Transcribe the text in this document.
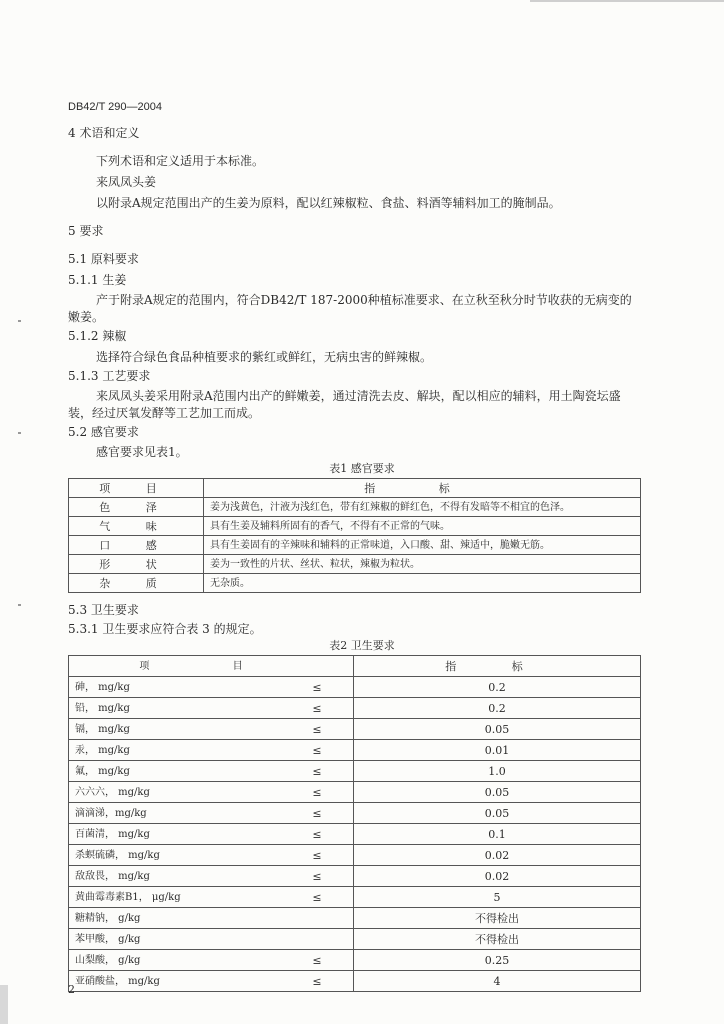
DB42/T 290—2004
4 术语和定义
下列术语和定义适用于本标准。
来凤凤头姜
以附录A规定范围出产的生姜为原料，配以红辣椒粒、食盐、料酒等辅料加工的腌制品。
5 要求
5.1 原料要求
5.1.1 生姜
产于附录A规定的范围内，符合DB42/T 187-2000种植标准要求、在立秋至秋分时节收获的无病变的嫩姜。
5.1.2 辣椒
选择符合绿色食品种植要求的紫红或鲜红，无病虫害的鲜辣椒。
5.1.3 工艺要求
来凤凤头姜采用附录A范围内出产的鲜嫩姜，通过清洗去皮、解块，配以相应的辅料，用土陶瓷坛盛装，经过厌氧发酵等工艺加工而成。
5.2 感官要求
感官要求见表1。
表1 感官要求
项 目	指 标
色 泽	姜为浅黄色，汁液为浅红色，带有红辣椒的鲜红色，不得有发暗等不相宜的色泽。
气 味	具有生姜及辅料所固有的香气，不得有不正常的气味。
口 感	具有生姜固有的辛辣味和辅料的正常味道，入口酸、甜、辣适中，脆嫩无筋。
形 状	姜为一致性的片状、丝状、粒状，辣椒为粒状。
杂 质	无杂质。
5.3 卫生要求
5.3.1 卫生要求应符合表 3 的规定。
表2 卫生要求
项 目		指 标
砷， mg/kg	≤	0.2
铅， mg/kg	≤	0.2
镉， mg/kg	≤	0.05
汞， mg/kg	≤	0.01
氟， mg/kg	≤	1.0
六六六， mg/kg	≤	0.05
滴滴涕，mg/kg	≤	0.05
百菌清， mg/kg	≤	0.1
杀螟硫磷， mg/kg	≤	0.02
敌敌畏， mg/kg	≤	0.02
黄曲霉毒素B1， μg/kg	≤	5
糖精钠， g/kg		不得检出
苯甲酸， g/kg		不得检出
山梨酸， g/kg	≤	0.25
亚硝酸盐， mg/kg	≤	4
2
